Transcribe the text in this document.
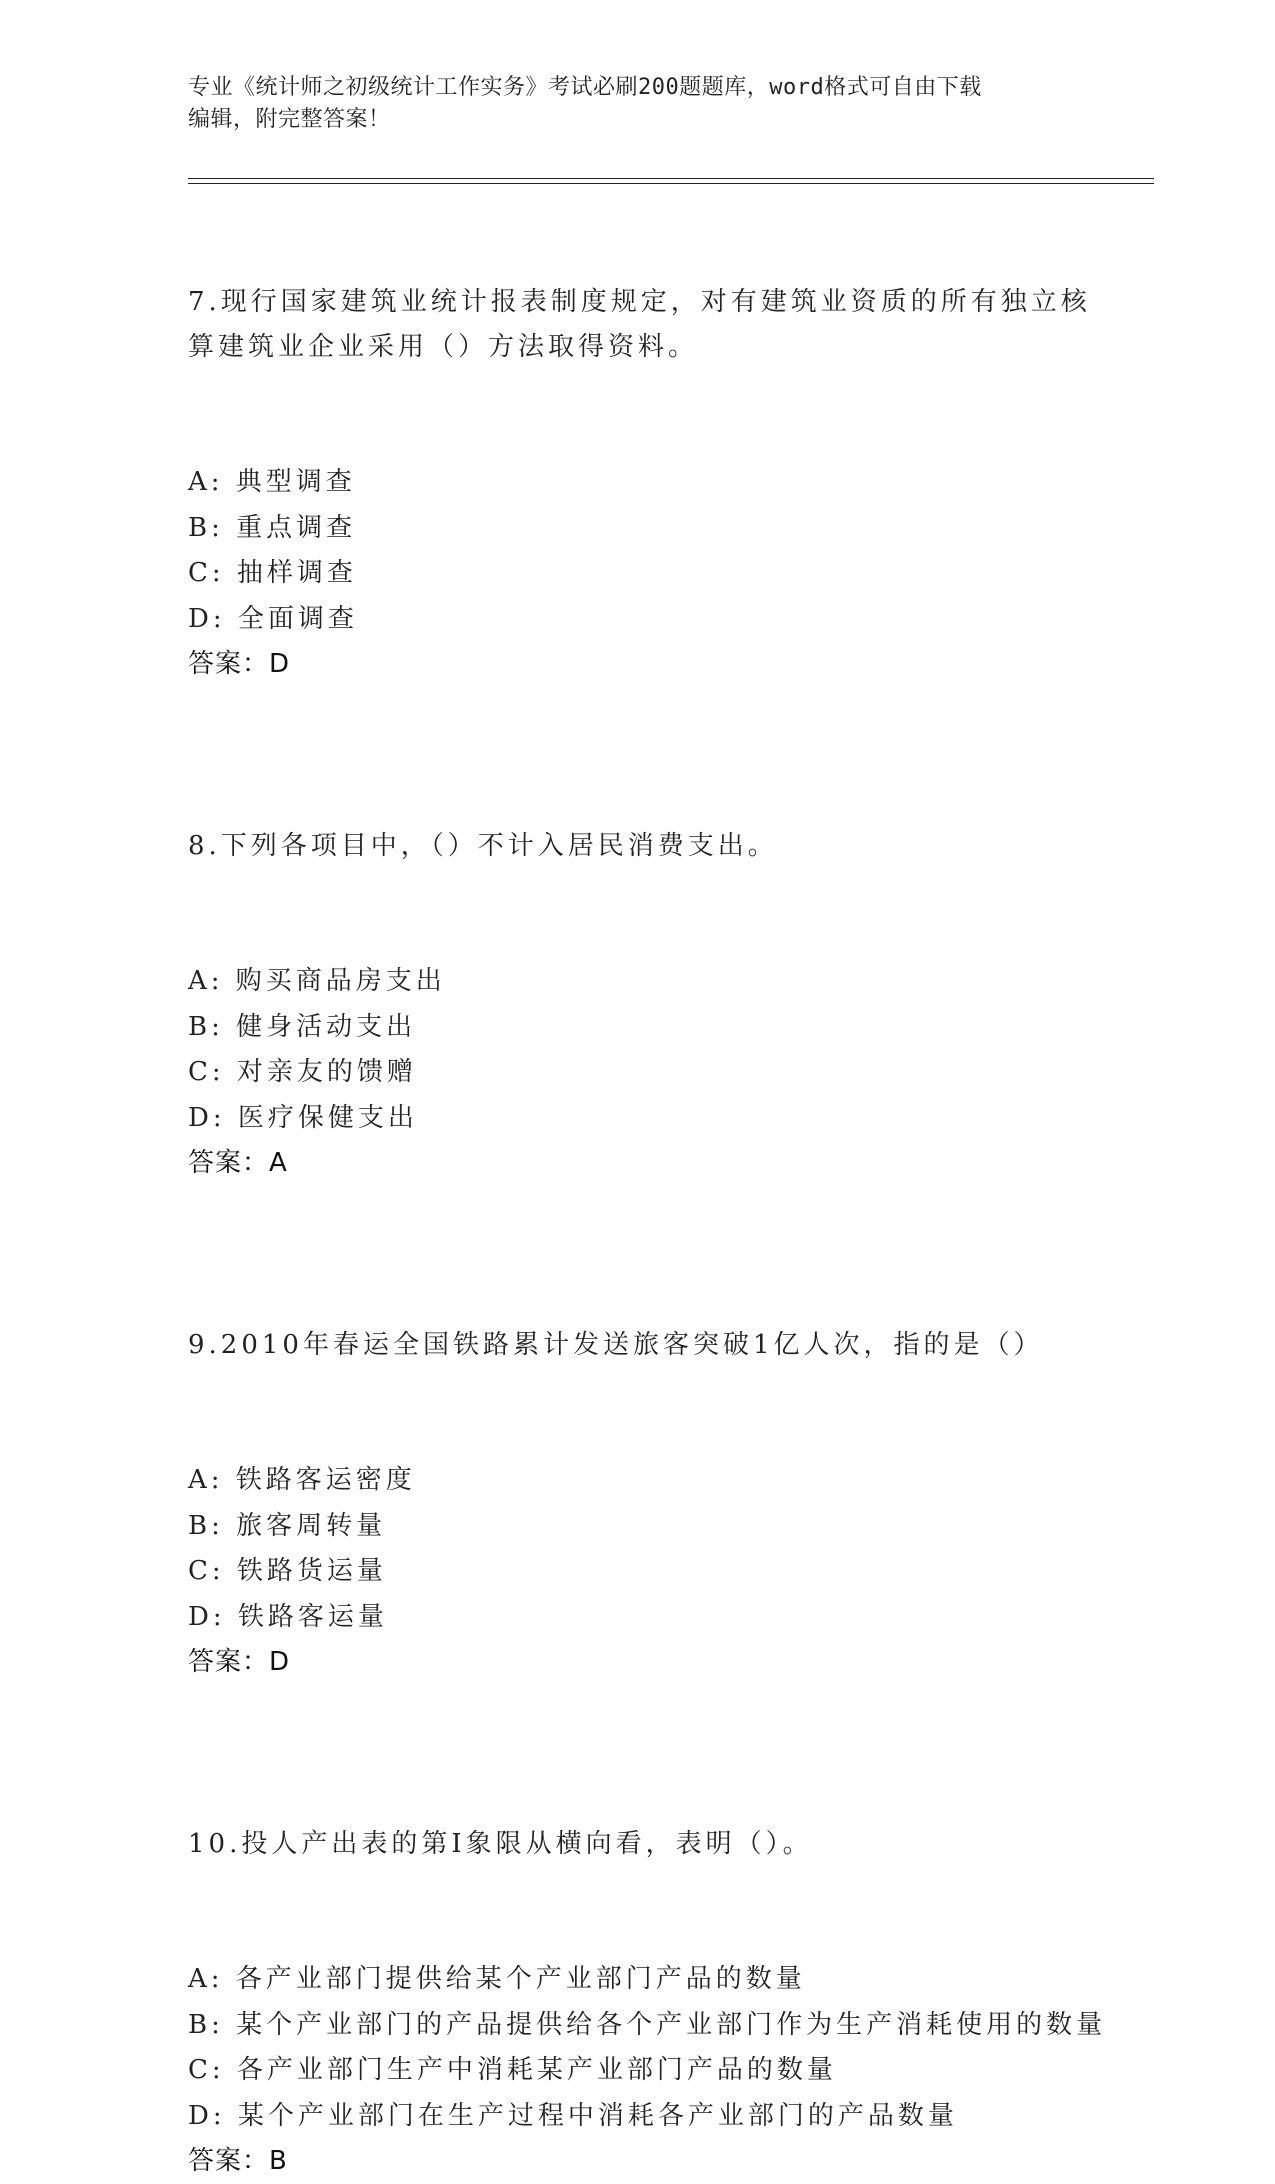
专业《统计师之初级统计工作实务》考试必刷200题题库，word格式可自由下载
编辑，附完整答案！

7.现行国家建筑业统计报表制度规定，对有建筑业资质的所有独立核
算建筑业企业采用（）方法取得资料。

A: 典型调查

B: 重点调查

C: 抽样调查

D: 全面调查

答案：D

8.下列各项目中，（）不计入居民消费支出。

A: 购买商品房支出

B: 健身活动支出

C: 对亲友的馈赠

D: 医疗保健支出

答案：A

9.2010年春运全国铁路累计发送旅客突破1亿人次，指的是（）

A: 铁路客运密度

B: 旅客周转量

C: 铁路货运量

D: 铁路客运量

答案：D

10.投人产出表的第Ⅰ象限从横向看，表明（）。

A: 各产业部门提供给某个产业部门产品的数量

B: 某个产业部门的产品提供给各个产业部门作为生产消耗使用的数量

C: 各产业部门生产中消耗某产业部门产品的数量

D: 某个产业部门在生产过程中消耗各产业部门的产品数量

答案：B
